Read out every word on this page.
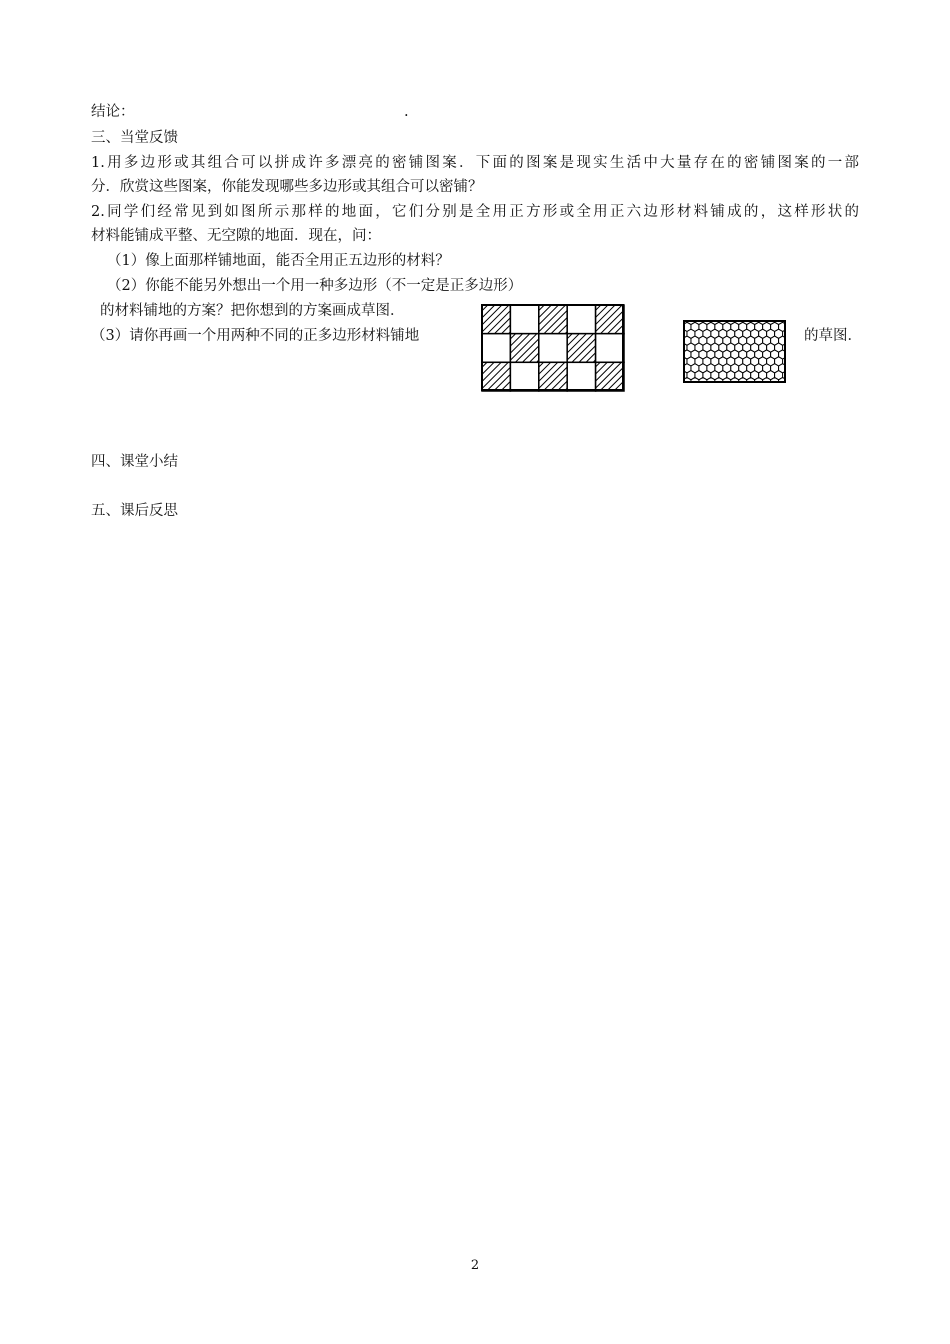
结论：	.
三、当堂反馈
1.用多边形或其组合可以拼成许多漂亮的密铺图案．下面的图案是现实生活中大量存在的密铺图案的一部
分．欣赏这些图案，你能发现哪些多边形或其组合可以密铺？
2.同学们经常见到如图所示那样的地面，它们分别是全用正方形或全用正六边形材料铺成的，这样形状的
材料能铺成平整、无空隙的地面．现在，问：
（1）像上面那样铺地面，能否全用正五边形的材料？
（2）你能不能另外想出一个用一种多边形（不一定是正多边形）
的材料铺地的方案？把你想到的方案画成草图．
（3）请你再画一个用两种不同的正多边形材料铺地	的草图．
四、课堂小结
五、课后反思
2
